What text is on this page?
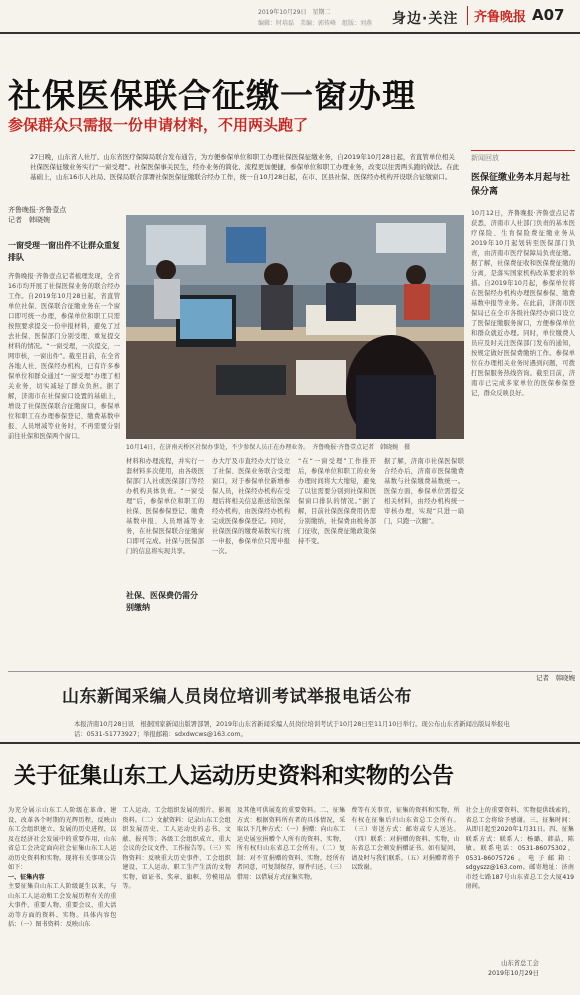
2019年10月29日　星期二
编辑：时培磊　美编：郭传峰　组版：刘燕 身边·关注	齐鲁晚报 A07
社保医保联合征缴一窗办理
参保群众只需报一份申请材料，不用两头跑了
27日晚，山东省人社厅、山东省医疗保障局联合发布通告，为方便参保单位和职工办理社保医保征缴业务，自2019年10月28日起，省直管单位相关社保医保征缴业务实行“一窗受理”。社保医保事关民生，经办业务的简化、流程更加便捷，参保单位和职工办理业务，改变以往需两头跑的做法。在此基础上，山东16市人社局、医保局联合部署社保医保征缴联合经办工作，统一自10月28日起，在市、区县社保、医保经办机构开设联合征缴窗口。
齐鲁晚报·齐鲁壹点
记者　韩晓婉
一窗受理一窗出件不让群众重复排队
齐鲁晚报·齐鲁壹点记者梳理发现，全省16市均开展了社保医保业务的联合经办工作。自2019年10月28日起，省直管单位社保、医保联合征缴业务在一个窗口即可统一办理，参保单位和职工只需按照要求提交一份申报材料，避免了过去社保、医保部门分别受理、重复提交材料的情况。“一窗受理，一次提交，一网审核，一窗出件”。截至目前，在全省各地人社、医保经办机构，已有许多参保单位和群众通过“一窗受理”办理了相关业务，切实减轻了群众负担。据了解，济南市在社保窗口设置的基础上，增设了社保医保联合征缴窗口，参保单位和职工在办理参保登记、缴费基数申报、人员增减等业务时，不再需要分别前往社保和医保两个窗口。
10月14日，在济南天桥区社保办事处，不少参保人员正在办理业务。　齐鲁晚报·齐鲁壹点记者　韩晓婉　摄
材料和办理流程，并实行一套材料多次使用，由各级医保部门人社或医保部门等经办机构具体负责。“一窗受理”后，参保单位和职工的社保、医保参保登记、缴费基数申报、人员增减等业务，在社保医保联合征缴窗口即可完成。社保与医保部门的信息将实现共享。
社保、医保费仍需分别缴纳
办大厅及市直经办大厅设立了社保、医保业务联合受理窗口，对于参保单位新增参保人员，社保经办机构在受理后将相关信息推送给医保经办机构，由医保经办机构完成医保参保登记。同时，社保医保的缴费基数实行统一申报，参保单位只需申报一次。
“在“一窗受理”工作推开后，参保单位和职工的业务办理时间将大大缩短，避免了以往需要分别到社保和医保窗口排队的情况。”据了解，目前社保医保费用仍需分别缴纳，社保费由税务部门征收，医保费征缴政策保持不变。
据了解，济南市社保医保联合经办后，济南市医保缴费基数与社保缴费基数统一。医保方面，参保单位需提交相关材料，由经办机构统一审核办理，实现“只进一扇门，只跑一次腿”。
新闻回放
医保征缴业务本月起与社保分离
10月12日，齐鲁晚报·齐鲁壹点记者获悉，济南市人社部门负责的基本医疗保险、生育保险费征缴业务从2019年10月起划转至医保部门负责，由济南市医疗保障局负责征缴。据了解，社保费征收和医保费征缴的分离，是落实国家机构改革要求的举措。自2019年10月起，参保单位将在医保经办机构办理医保参保、缴费基数申报等业务。在此前，济南市医保局已在全市各级社保经办窗口设立了医保征缴服务窗口，方便参保单位和群众就近办理。同时，单位缴费人员应及时关注医保部门发布的通知，按规定做好医保费缴纳工作。参保单位在办理相关业务时遇到问题，可拨打医保服务热线咨询。截至目前，济南市已完成多家单位的医保参保登记，群众反映良好。
记者　韩晓婉
山东新闻采编人员岗位培训考试举报电话公布
本报济南10月28日讯　根据国家新闻出版署部署，2019年山东省新闻采编人员岗位培训考试于10月28日至11月10日举行。现公布山东省新闻出版局举报电话：0531-51773927；举报邮箱：sdxdwcws@163.com。
关于征集山东工人运动历史资料和实物的公告
为充分展示山东工人阶级在革命、建设、改革各个时期的光辉历程，反映山东工会组织建立、发展的历史进程，以及在经济社会发展中的重要作用，山东省总工会决定面向社会征集山东工人运动历史资料和实物。现将有关事项公告如下：
一、征集内容
主要征集自山东工人阶级诞生以来，与山东工人运动和工会发展历程有关的重大事件、重要人物、重要会议、重大活动等方面的资料、实物。具体内容包括：（一）图书资料：反映山东
工人运动、工会组织发展的照片、影视资料。（二）文献资料：记录山东工会组织发展历史、工人运动史的志书、文献、报刊等；各级工会组织成立、重大会议的会议文件、工作报告等。（三）实物资料：反映重大历史事件、工会组织建设、工人运动、职工生产生活的文物实物，如证书、奖章、旗帜、劳模用品等。
及其他可供展览的重要资料。二、征集方式：根据资料所有者的具体情况，采取以下几种方式：（一）捐赠：向山东工运史展室捐赠个人所有的资料、实物，所有权归山东省总工会所有。（二）复制：对不宜捐赠的资料、实物，经所有者同意，可复制保存，原件归还。（三）借用：以借展方式征集实物。
费等有关事宜，征集的资料和实物，所有权在征集后归山东省总工会所有。（三）寄送方式：邮寄或专人送达。（四）联系：对捐赠的资料、实物，山东省总工会颁发捐赠证书。如有疑问，请及时与我们联系。（五）对捐赠者将予以致谢。
社会上的重要资料、实物提供线索的，省总工会将给予感谢。三、征集时间：从即日起至2020年1月31日。四、征集联系方式：联系人：杨璐、韩晶、陈敏。联系电话：0531-86075302，0531-86075726。电子邮箱：sdgyszz@163.com。邮寄地址：济南市经七路187号山东省总工会大厦419房间。
山东省总工会
2019年10月29日
